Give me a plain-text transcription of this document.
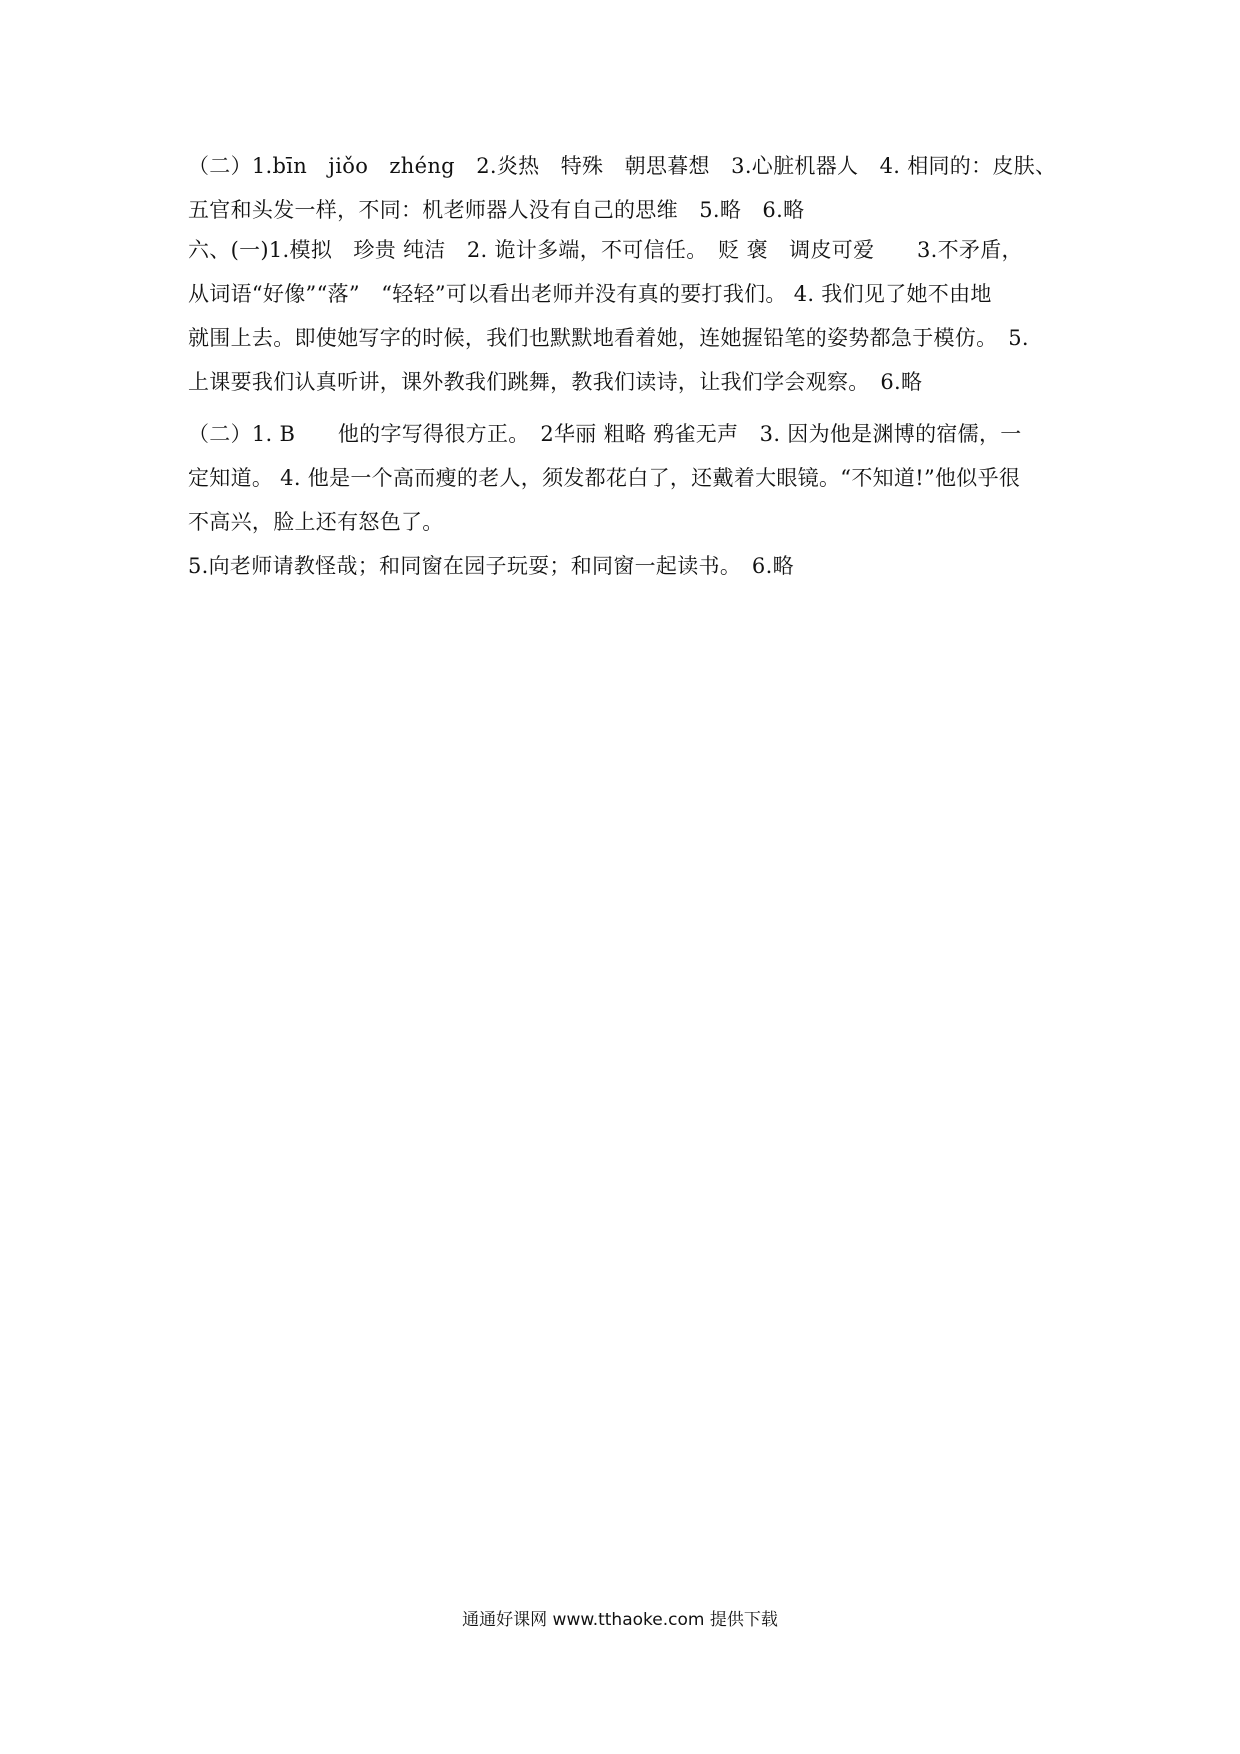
（二）1.bīn　jiǒo　zhéng　2.炎热　特殊　朝思暮想　3.心脏机器人　4. 相同的：皮肤、
五官和头发一样，不同：机老师器人没有自己的思维　5.略　6.略
六、(一)1.模拟　珍贵 纯洁　2. 诡计多端，不可信任。　贬 褒　调皮可爱　　3.不矛盾，
从词语“好像”“落”　“轻轻”可以看出老师并没有真的要打我们。 4. 我们见了她不由地
就围上去。即使她写字的时候，我们也默默地看着她，连她握铅笔的姿势都急于模仿。　5.
上课要我们认真听讲，课外教我们跳舞，教我们读诗，让我们学会观察。　6.略
（二）1. B　　他的字写得很方正。　2华丽 粗略 鸦雀无声　3. 因为他是渊博的宿儒，一
定知道。 4. 他是一个高而瘦的老人，须发都花白了，还戴着大眼镜。“不知道!”他似乎很
不高兴，脸上还有怒色了。
5.向老师请教怪哉；和同窗在园子玩耍；和同窗一起读书。　6.略
通通好课网 www.tthaoke.com 提供下载
